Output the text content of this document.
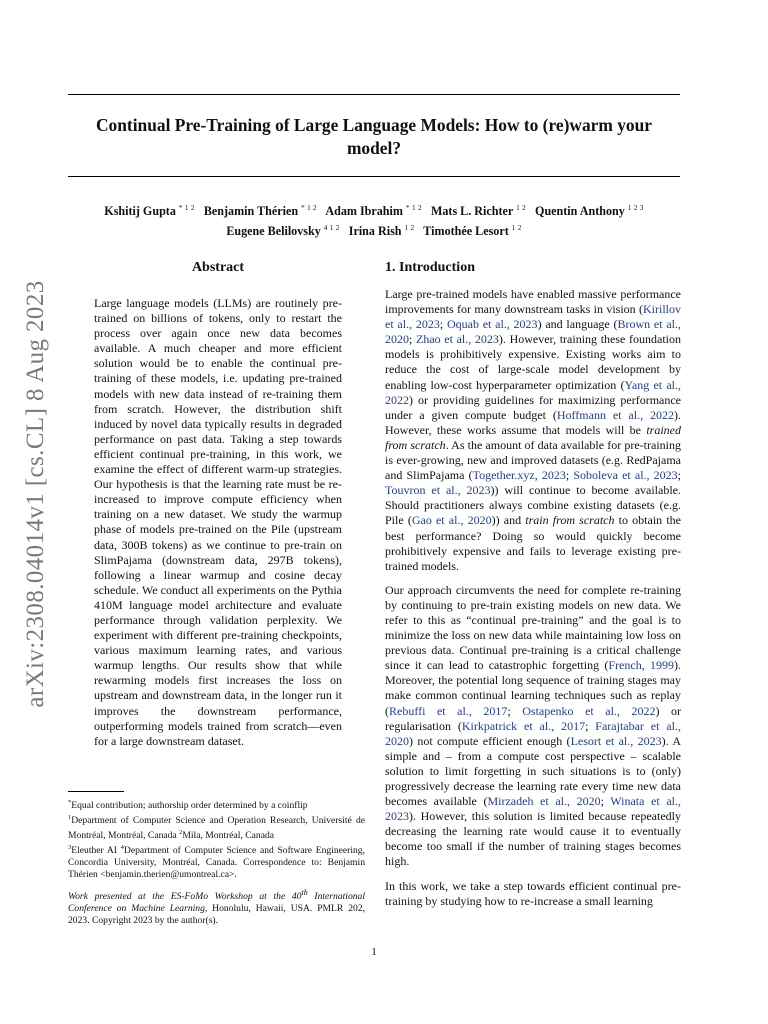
arXiv:2308.04014v1 [cs.CL] 8 Aug 2023
Continual Pre-Training of Large Language Models: How to (re)warm your model?
Kshitij Gupta $^{* 1 2}$ Benjamin Thérien $^{* 1 2}$ Adam Ibrahim $^{* 1 2}$ Mats L. Richter $^{1 2}$ Quentin Anthony $^{1 2 3}$
Eugene Belilovsky $^{4 1 2}$ Irina Rish $^{1 2}$ Timothée Lesort $^{1 2}$
Abstract

Large language models (LLMs) are routinely pre-trained on billions of tokens, only to restart the process over again once new data becomes available. A much cheaper and more efficient solution would be to enable the continual pre-training of these models, i.e. updating pre-trained models with new data instead of re-training them from scratch. However, the distribution shift induced by novel data typically results in degraded performance on past data. Taking a step towards efficient continual pre-training, in this work, we examine the effect of different warm-up strategies. Our hypothesis is that the learning rate must be re-increased to improve compute efficiency when training on a new dataset. We study the warmup phase of models pre-trained on the Pile (upstream data, 300B tokens) as we continue to pre-train on SlimPajama (downstream data, 297B tokens), following a linear warmup and cosine decay schedule. We conduct all experiments on the Pythia 410M language model architecture and evaluate performance through validation perplexity. We experiment with different pre-training checkpoints, various maximum learning rates, and various warmup lengths. Our results show that while rewarming models first increases the loss on upstream and downstream data, in the longer run it improves the downstream performance, outperforming models trained from scratch—even for a large downstream dataset.

1. Introduction

Large pre-trained models have enabled massive performance improvements for many downstream tasks in vision (Kirillov et al., 2023; Oquab et al., 2023) and language (Brown et al., 2020; Zhao et al., 2023). However, training these foundation models is prohibitively expensive. Existing works aim to reduce the cost of large-scale model development by enabling low-cost hyperparameter optimization (Yang et al., 2022) or providing guidelines for maximizing performance under a given compute budget (Hoffmann et al., 2022). However, these works assume that models will be trained from scratch. As the amount of data available for pre-training is ever-growing, new and improved datasets (e.g. RedPajama and SlimPajama (Together.xyz, 2023; Soboleva et al., 2023; Touvron et al., 2023)) will continue to become available. Should practitioners always combine existing datasets (e.g. Pile (Gao et al., 2020)) and train from scratch to obtain the best performance? Doing so would quickly become prohibitively expensive and fails to leverage existing pre-trained models.

Our approach circumvents the need for complete re-training by continuing to pre-train existing models on new data. We refer to this as “continual pre-training” and the goal is to minimize the loss on new data while maintaining low loss on previous data. Continual pre-training is a critical challenge since it can lead to catastrophic forgetting (French, 1999). Moreover, the potential long sequence of training stages may make common continual learning techniques such as replay (Rebuffi et al., 2017; Ostapenko et al., 2022) or regularisation (Kirkpatrick et al., 2017; Farajtabar et al., 2020) not compute efficient enough (Lesort et al., 2023). A simple and – from a compute cost perspective – scalable solution to limit forgetting in such situations is to (only) progressively decrease the learning rate every time new data becomes available (Mirzadeh et al., 2020; Winata et al., 2023). However, this solution is limited because repeatedly decreasing the learning rate would cause it to eventually become too small if the number of training stages becomes high.

In this work, we take a step towards efficient continual pre-training by studying how to re-increase a small learning

*Equal contribution; authorship order determined by a coinflip
$^1$Department of Computer Science and Operation Research, Université de Montréal, Montréal, Canada $^2$Mila, Montréal, Canada
$^3$Eleuther AI $^4$Department of Computer Science and Software Engineering, Concordia University, Montréal, Canada. Correspondence to: Benjamin Thérien <benjamin.therien@umontreal.ca>.
Work presented at the ES-FoMo Workshop at the 40th International Conference on Machine Learning, Honolulu, Hawaii, USA. PMLR 202, 2023. Copyright 2023 by the author(s).
1
